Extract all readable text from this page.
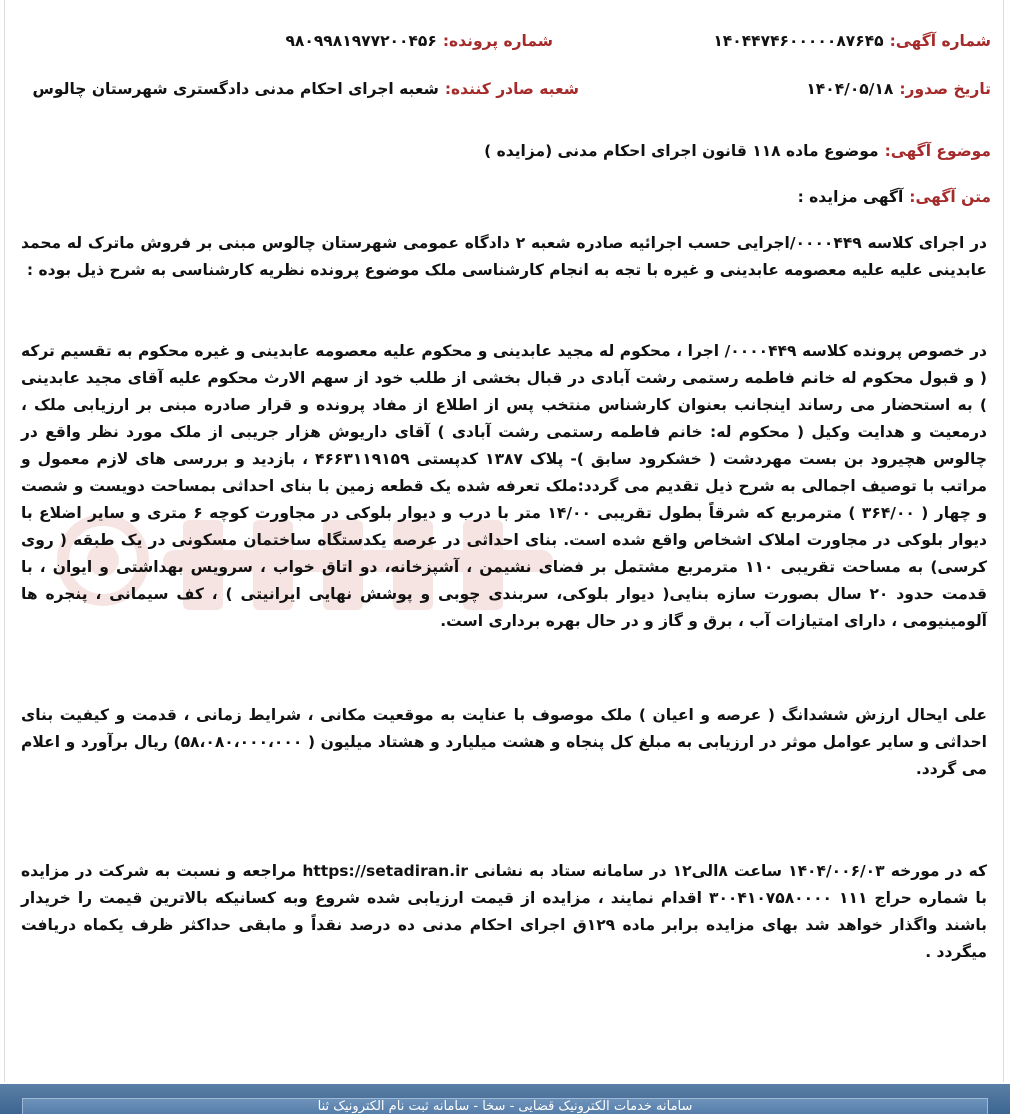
شماره آگهی:
۱۴۰۴۴۷۴۶۰۰۰۰۰۸۷۶۴۵
شماره پرونده:
۹۸۰۹۹۸۱۹۷۷۲۰۰۴۵۶
تاریخ صدور:
۱۴۰۴/۰۵/۱۸
شعبه صادر کننده:
شعبه اجرای احکام مدنی دادگستری شهرستان چالوس
موضوع آگهی:
موضوع ماده ۱۱۸ قانون اجرای احکام مدنی (مزایده )
متن آگهی:
آگهی مزایده :

در اجرای کلاسه ۰۰۰۰۴۴۹/اجرایی حسب اجرائیه صادره شعبه ۲ دادگاه عمومی شهرستان چالوس مبنی بر فروش ماترک له محمد عابدینی علیه علیه معصومه عابدینی و غیره با تجه به انجام کارشناسی ملک موضوع پرونده نظریه کارشناسی به شرح ذیل بوده :

در خصوص پرونده کلاسه ۰۰۰۰۴۴۹/ اجرا ، محکوم له مجید عابدینی و محکوم علیه معصومه عابدینی و غیره محکوم به تقسیم ترکه ( و قبول محکوم له خانم فاطمه رستمی رشت آبادی در قبال بخشی از طلب خود از سهم الارث محکوم علیه آقای مجید عابدینی ) به استحضار می رساند اینجانب بعنوان کارشناس منتخب پس از اطلاع از مفاد پرونده و قرار صادره مبنی بر ارزیابی ملک ، درمعیت و هدایت وکیل ( محکوم له: خانم فاطمه رستمی رشت آبادی ) آقای داریوش هزار جریبی از ملک مورد نظر واقع در چالوس هچیرود بن بست مهردشت ( خشکرود سابق )- پلاک ۱۳۸۷ کدپستی ۴۶۶۳۱۱۹۱۵۹ ، بازدید و بررسی های لازم معمول و مراتب با توصیف اجمالی به شرح ذیل تقدیم می گردد:ملک تعرفه شده یک قطعه زمین با بنای احداثی بمساحت دویست و شصت و چهار ( ۳۶۴/۰۰ ) مترمربع که شرقاً بطول تقریبی ۱۴/۰۰ متر با درب و دیوار بلوکی در مجاورت کوچه ۶ متری و سایر اضلاع با دیوار بلوکی در مجاورت املاک اشخاص واقع شده است. بنای احداثی در عرصه یکدستگاه ساختمان مسکونی در یک طبقه ( روی کرسی) به مساحت تقریبی ۱۱۰ مترمربع مشتمل بر فضای نشیمن ، آشپزخانه، دو اتاق خواب ، سرویس بهداشتی و ایوان ، با قدمت حدود ۲۰ سال بصورت سازه بنایی( دیوار بلوکی، سربندی چوبی و پوشش نهایی ایرانیتی ) ، کف سیمانی ، پنجره ها آلومینیومی ، دارای امتیازات آب ، برق و گاز و در حال بهره برداری است.

علی ایحال ارزش ششدانگ ( عرصه و اعیان ) ملک موصوف با عنایت به موقعیت مکانی ، شرایط زمانی ، قدمت و کیفیت بنای احداثی و سایر عوامل موثر در ارزیابی به مبلغ کل پنجاه و هشت میلیارد و هشتاد میلیون ( ۵۸،۰۸۰،۰۰۰،۰۰۰) ریال برآورد و اعلام می گردد.

که در مورخه ۱۴۰۴/۰۰۶/۰۳ ساعت ۸الی۱۲ در سامانه ستاد به نشانی https://setadiran.ir مراجعه و نسبت به شرکت در مزایده با شماره حراج ۱۱۱ ۳۰۰۴۱۰۷۵۸۰۰۰۰ اقدام نمایند ، مزایده از قیمت ارزیابی شده شروع وبه کسانیکه بالاترین قیمت را خریدار باشند واگذار خواهد شد بهای مزایده برابر ماده ۱۲۹ق اجرای احکام مدنی ده درصد نقداً و مابقی حداکثر ظرف یکماه دریافت میگردد .

سامانه خدمات الکترونیک قضایی - سخا - سامانه ثبت نام الکترونیک ثنا
